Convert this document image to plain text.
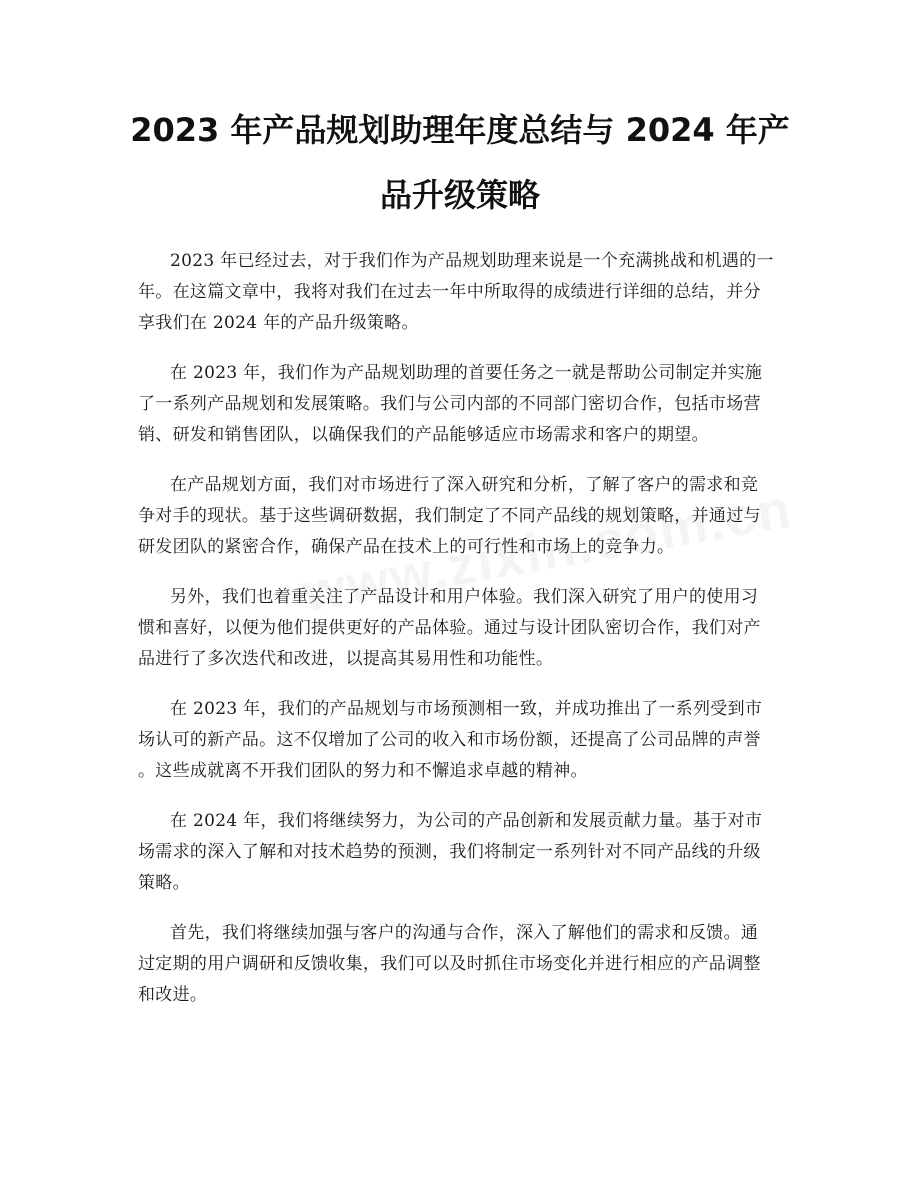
2023 年产品规划助理年度总结与 2024 年产
品升级策略

2023 年已经过去，对于我们作为产品规划助理来说是一个充满挑战和机遇的一
年。在这篇文章中，我将对我们在过去一年中所取得的成绩进行详细的总结，并分
享我们在 2024 年的产品升级策略。

在 2023 年，我们作为产品规划助理的首要任务之一就是帮助公司制定并实施
了一系列产品规划和发展策略。我们与公司内部的不同部门密切合作，包括市场营
销、研发和销售团队，以确保我们的产品能够适应市场需求和客户的期望。

在产品规划方面，我们对市场进行了深入研究和分析，了解了客户的需求和竞
争对手的现状。基于这些调研数据，我们制定了不同产品线的规划策略，并通过与
研发团队的紧密合作，确保产品在技术上的可行性和市场上的竞争力。

另外，我们也着重关注了产品设计和用户体验。我们深入研究了用户的使用习
惯和喜好，以便为他们提供更好的产品体验。通过与设计团队密切合作，我们对产
品进行了多次迭代和改进，以提高其易用性和功能性。

在 2023 年，我们的产品规划与市场预测相一致，并成功推出了一系列受到市
场认可的新产品。这不仅增加了公司的收入和市场份额，还提高了公司品牌的声誉
。这些成就离不开我们团队的努力和不懈追求卓越的精神。

在 2024 年，我们将继续努力，为公司的产品创新和发展贡献力量。基于对市
场需求的深入了解和对技术趋势的预测，我们将制定一系列针对不同产品线的升级
策略。

首先，我们将继续加强与客户的沟通与合作，深入了解他们的需求和反馈。通
过定期的用户调研和反馈收集，我们可以及时抓住市场变化并进行相应的产品调整
和改进。
